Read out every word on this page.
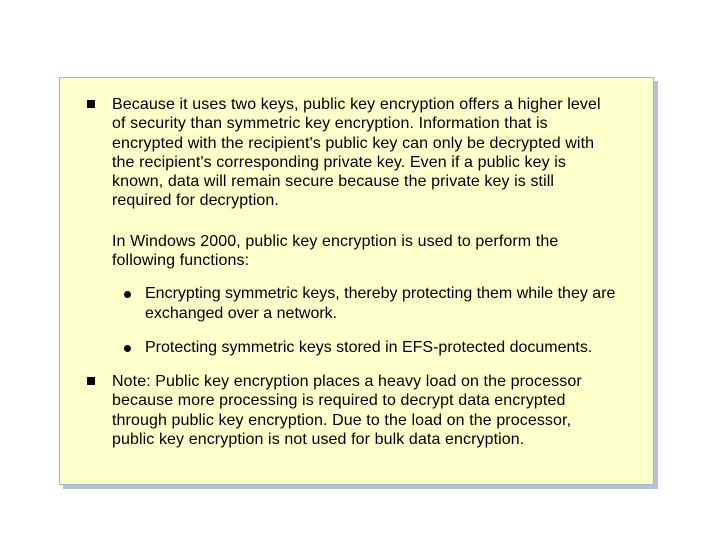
Because it uses two keys, public key encryption offers a higher level
of security than symmetric key encryption. Information that is
encrypted with the recipient's public key can only be decrypted with
the recipient's corresponding private key. Even if a public key is
known, data will remain secure because the private key is still
required for decryption.
In Windows 2000, public key encryption is used to perform the
following functions:
Encrypting symmetric keys, thereby protecting them while they are
exchanged over a network.
Protecting symmetric keys stored in EFS-protected documents.
Note: Public key encryption places a heavy load on the processor
because more processing is required to decrypt data encrypted
through public key encryption. Due to the load on the processor,
public key encryption is not used for bulk data encryption.
